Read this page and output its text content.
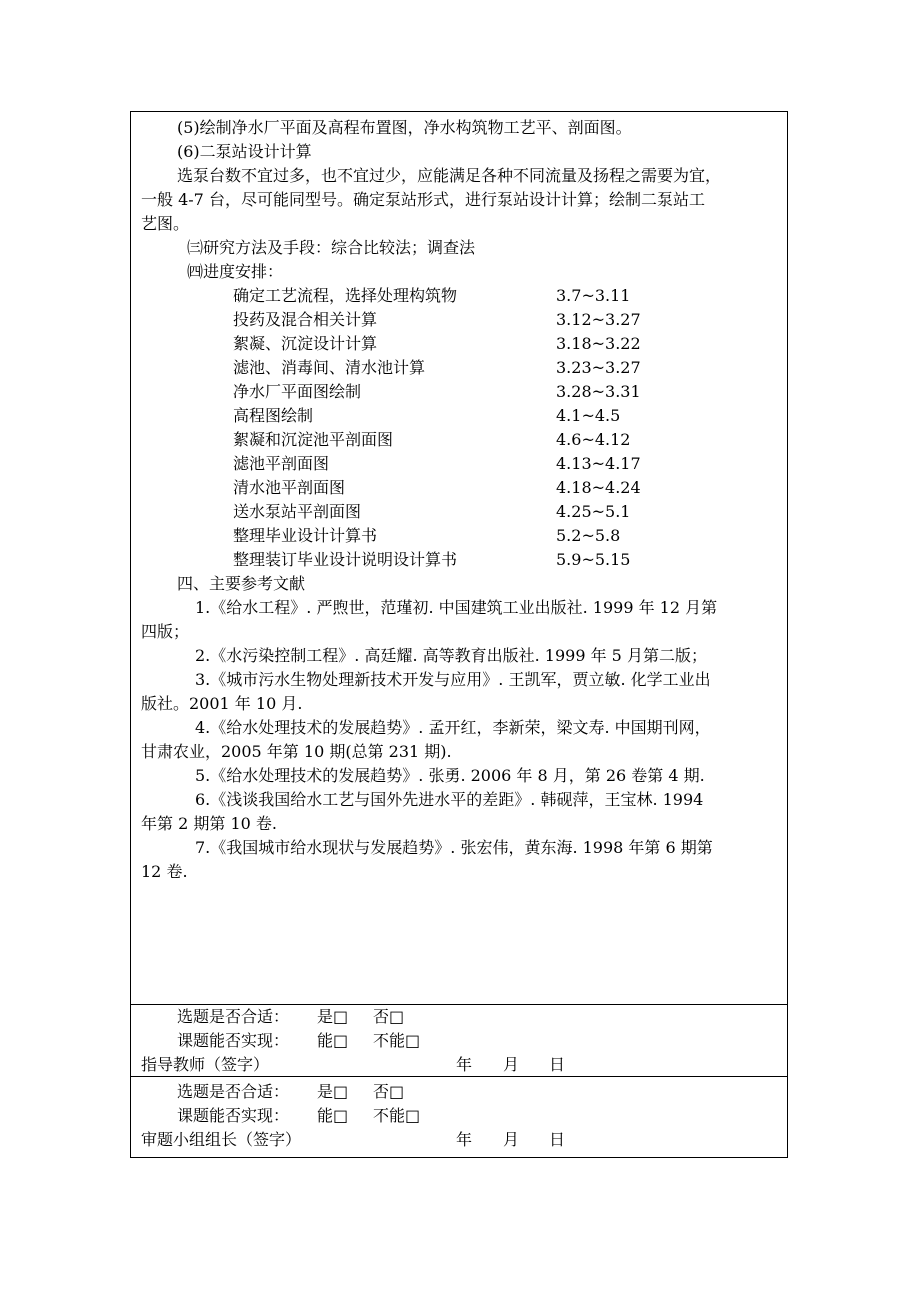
(5)绘制净水厂平面及高程布置图，净水构筑物工艺平、剖面图。
(6)二泵站设计计算
选泵台数不宜过多，也不宜过少，应能满足各种不同流量及扬程之需要为宜，
一般 4-7 台，尽可能同型号。确定泵站形式，进行泵站设计计算；绘制二泵站工
艺图。
㈢研究方法及手段：综合比较法；调查法
㈣进度安排：
确定工艺流程，选择处理构筑物	3.7~3.11
投药及混合相关计算	3.12~3.27
絮凝、沉淀设计计算	3.18~3.22
滤池、消毒间、清水池计算	3.23~3.27
净水厂平面图绘制	3.28~3.31
高程图绘制	4.1~4.5
絮凝和沉淀池平剖面图	4.6~4.12
滤池平剖面图	4.13~4.17
清水池平剖面图	4.18~4.24
送水泵站平剖面图	4.25~5.1
整理毕业设计计算书	5.2~5.8
整理装订毕业设计说明设计算书	5.9~5.15
四、主要参考文献
1.《给水工程》. 严煦世，范瑾初. 中国建筑工业出版社. 1999 年 12 月第
四版；
2.《水污染控制工程》. 高廷耀. 高等教育出版社. 1999 年 5 月第二版；
3.《城市污水生物处理新技术开发与应用》. 王凯军，贾立敏. 化学工业出
版社。2001 年 10 月.
4.《给水处理技术的发展趋势》. 孟开红，李新荣，梁文寿. 中国期刊网，
甘肃农业，2005 年第 10 期(总第 231 期).
5.《给水处理技术的发展趋势》. 张勇. 2006 年 8 月，第 26 卷第 4 期.
6.《浅谈我国给水工艺与国外先进水平的差距》. 韩砚萍，王宝林. 1994
年第 2 期第 10 卷.
7.《我国城市给水现状与发展趋势》. 张宏伟，黄东海. 1998 年第 6 期第
12 卷.
选题是否合适： 是□ 否□
课题能否实现： 能□ 不能□
指导教师（签字）	年 月 日
选题是否合适： 是□ 否□
课题能否实现： 能□ 不能□
审题小组组长（签字）	年 月 日
